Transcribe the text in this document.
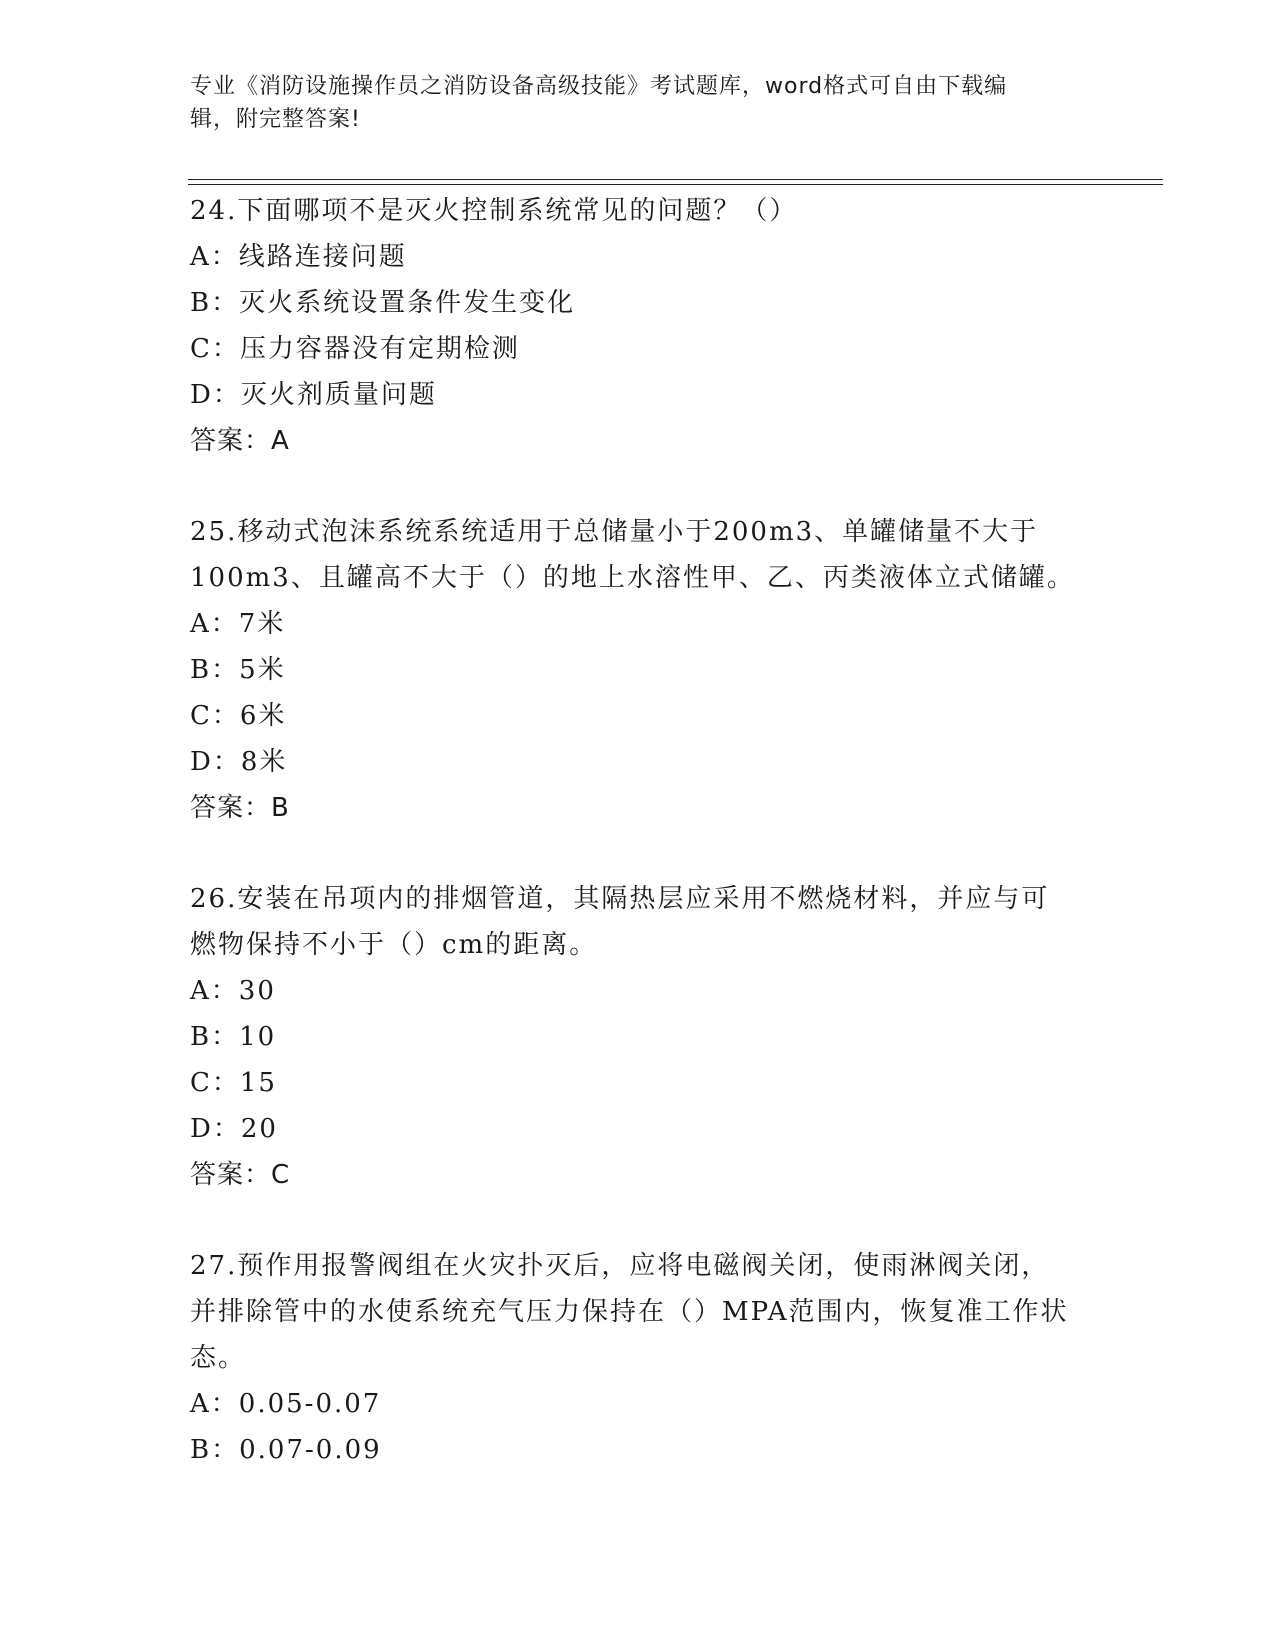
专业《消防设施操作员之消防设备高级技能》考试题库，word格式可自由下载编
辑，附完整答案!
24.下面哪项不是灭火控制系统常见的问题？（）
A：线路连接问题
B：灭火系统设置条件发生变化
C：压力容器没有定期检测
D：灭火剂质量问题
答案：A
25.移动式泡沫系统系统适用于总储量小于200m3、单罐储量不大于
100m3、且罐高不大于（）的地上水溶性甲、乙、丙类液体立式储罐。
A：7米
B：5米
C：6米
D：8米
答案：B
26.安装在吊项内的排烟管道，其隔热层应采用不燃烧材料，并应与可
燃物保持不小于（）cm的距离。
A：30
B：10
C：15
D：20
答案：C
27.预作用报警阀组在火灾扑灭后，应将电磁阀关闭，使雨淋阀关闭，
并排除管中的水使系统充气压力保持在（）MPA范围内，恢复准工作状
态。
A：0.05-0.07
B：0.07-0.09
